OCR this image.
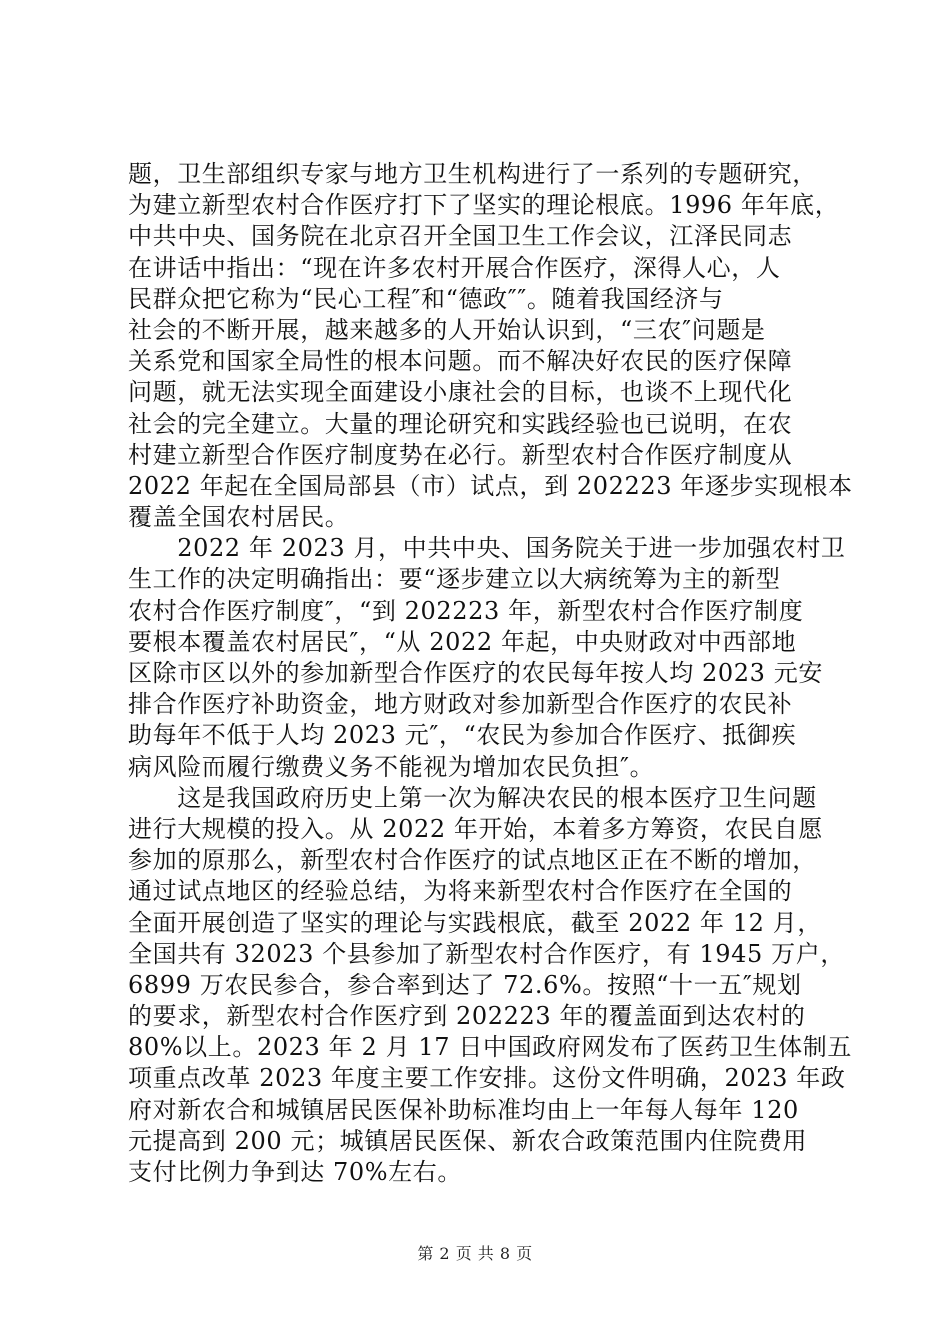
题，卫生部组织专家与地方卫生机构进行了一系列的专题研究，
为建立新型农村合作医疗打下了坚实的理论根底。1996 年年底，
中共中央、国务院在北京召开全国卫生工作会议，江泽民同志
在讲话中指出：“现在许多农村开展合作医疗，深得人心，人
民群众把它称为“民心工程″和“德政″″。随着我国经济与
社会的不断开展，越来越多的人开始认识到，“三农″问题是
关系党和国家全局性的根本问题。而不解决好农民的医疗保障
问题，就无法实现全面建设小康社会的目标，也谈不上现代化
社会的完全建立。大量的理论研究和实践经验也已说明，在农
村建立新型合作医疗制度势在必行。新型农村合作医疗制度从
2022 年起在全国局部县（市）试点，到 202223 年逐步实现根本
覆盖全国农村居民。
　　2022 年 2023 月，中共中央、国务院关于进一步加强农村卫
生工作的决定明确指出：要“逐步建立以大病统筹为主的新型
农村合作医疗制度″，“到 202223 年，新型农村合作医疗制度
要根本覆盖农村居民″，“从 2022 年起，中央财政对中西部地
区除市区以外的参加新型合作医疗的农民每年按人均 2023 元安
排合作医疗补助资金，地方财政对参加新型合作医疗的农民补
助每年不低于人均 2023 元″，“农民为参加合作医疗、抵御疾
病风险而履行缴费义务不能视为增加农民负担″。
　　这是我国政府历史上第一次为解决农民的根本医疗卫生问题
进行大规模的投入。从 2022 年开始，本着多方筹资，农民自愿
参加的原那么，新型农村合作医疗的试点地区正在不断的增加，
通过试点地区的经验总结，为将来新型农村合作医疗在全国的
全面开展创造了坚实的理论与实践根底，截至 2022 年 12 月，
全国共有 32023 个县参加了新型农村合作医疗，有 1945 万户，
6899 万农民参合，参合率到达了 72.6%。按照“十一五″规划
的要求，新型农村合作医疗到 202223 年的覆盖面到达农村的
80%以上。2023 年 2 月 17 日中国政府网发布了医药卫生体制五
项重点改革 2023 年度主要工作安排。这份文件明确，2023 年政
府对新农合和城镇居民医保补助标准均由上一年每人每年 120
元提高到 200 元；城镇居民医保、新农合政策范围内住院费用
支付比例力争到达 70%左右。
第 2 页 共 8 页
